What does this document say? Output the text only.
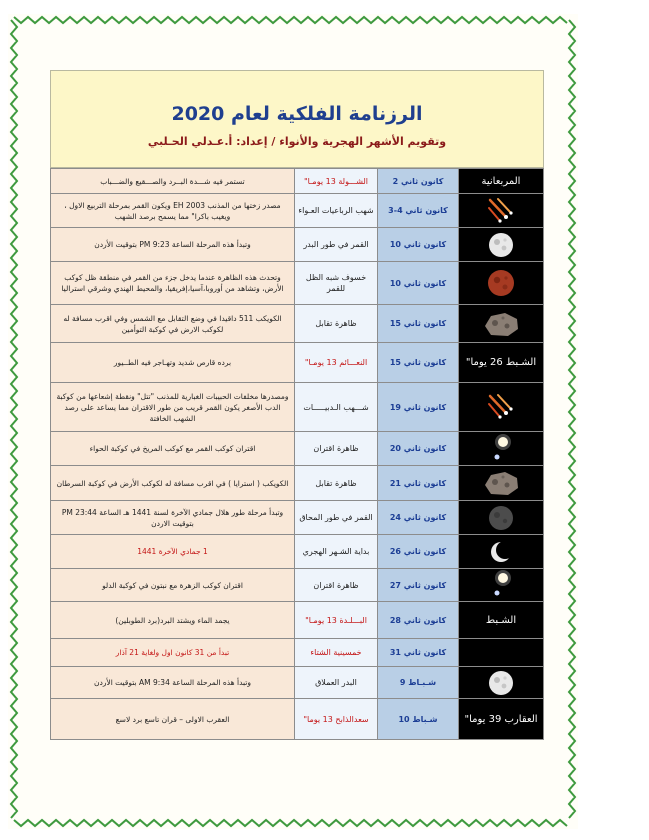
الرزنامة الفلكية لعام 2020
وتقويم الأشهر الهجرية والأنواء / إعداد: أ.عـدلي الحـلبي
المربعانية	كانون ثاني 2	الشـــولة 13 يومـا"	تستمر فيه شـــدة البــرد والصـــقيع والضـــباب

	كانون ثاني 4-3	شهب الرباعيات العـواء	مصدر زختها من المذنب EH 2003 ويكون القمر بمرحلة التربيع الاول ، ويغيب باكرا" مما يسمح برصد الشهب

	كانون ثاني 10	القمر في طور البدر	وتبدأ هذه المرحلة الساعة PM 9:23 بتوقيت الأردن

	كانون ثاني 10	خسوف شبه الظل للقمر	وتحدث هذه الظاهرة عندما يدخل جزء من القمر في منطقة ظل كوكب الأرض، وتشاهد من أوروبا،آسيا،إفريقيا، والمحيط الهندي وشرقي استراليا

	كانون ثاني 15	ظاهرة تقابل	الكويكب 511 داقيدا في وضع التقابل مع الشمس وفي اقرب مسافة له لكوكب الارض في كوكبة التوأمين

الشـبط 26 يوما"	كانون ثاني 15	النعـــائم 13 يومـا"	برده قارص شديد وتهـاجر فيه الطــيور

	كانون ثاني 19	شـــهب الـدبيـــــات	ومصدرها مخلفات الحبيبات الغبارية للمذنب "تتل" ونقطة إشعاعها من كوكبة الدب الأصغر يكون القمر قريب من طور الاقتران مما يساعد على رصد الشهب الخافتة

	كانون ثاني 20	ظاهرة اقتران	اقتران كوكب القمر مع كوكب المريخ في كوكبة الحواء

	كانون ثاني 21	ظاهرة تقابل	الكويكب ( استرايا ) في اقرب مسافة له لكوكب الأرض في كوكبة السرطان

	كانون ثاني 24	القمر في طور المحاق	وتبدأ مرحلة طور هلال جمادي الآخرة لسنة 1441 هـ الساعة PM 23:44 بتوقيت الاردن

	كانون ثاني 26	بداية الشـهر الهجري	1 جمادي الآخرة 1441

	كانون ثاني 27	ظاهرة اقتران	اقتران كوكب الزهرة مع نبتون في كوكبة الدلو

الشـبط	كانون ثاني 28	البـــلـدة 13 يومـا"	يجمد الماء ويشتد البرد(برد الطوبلين)
	كانون ثاني 31	خمسينية الشتاء	تبدأ من 31 كانون اول ولغاية 21 آذار

	شـبـاط 9	البدر العملاق	وتبدأ هذه المرحلة الساعة AM 9:34 بتوقيت الأردن

العقارب 39 يوما"	شـباط 10	سعدالذابح 13 يوما"	العقرب الاولى – قران تاسع برد لاسع
